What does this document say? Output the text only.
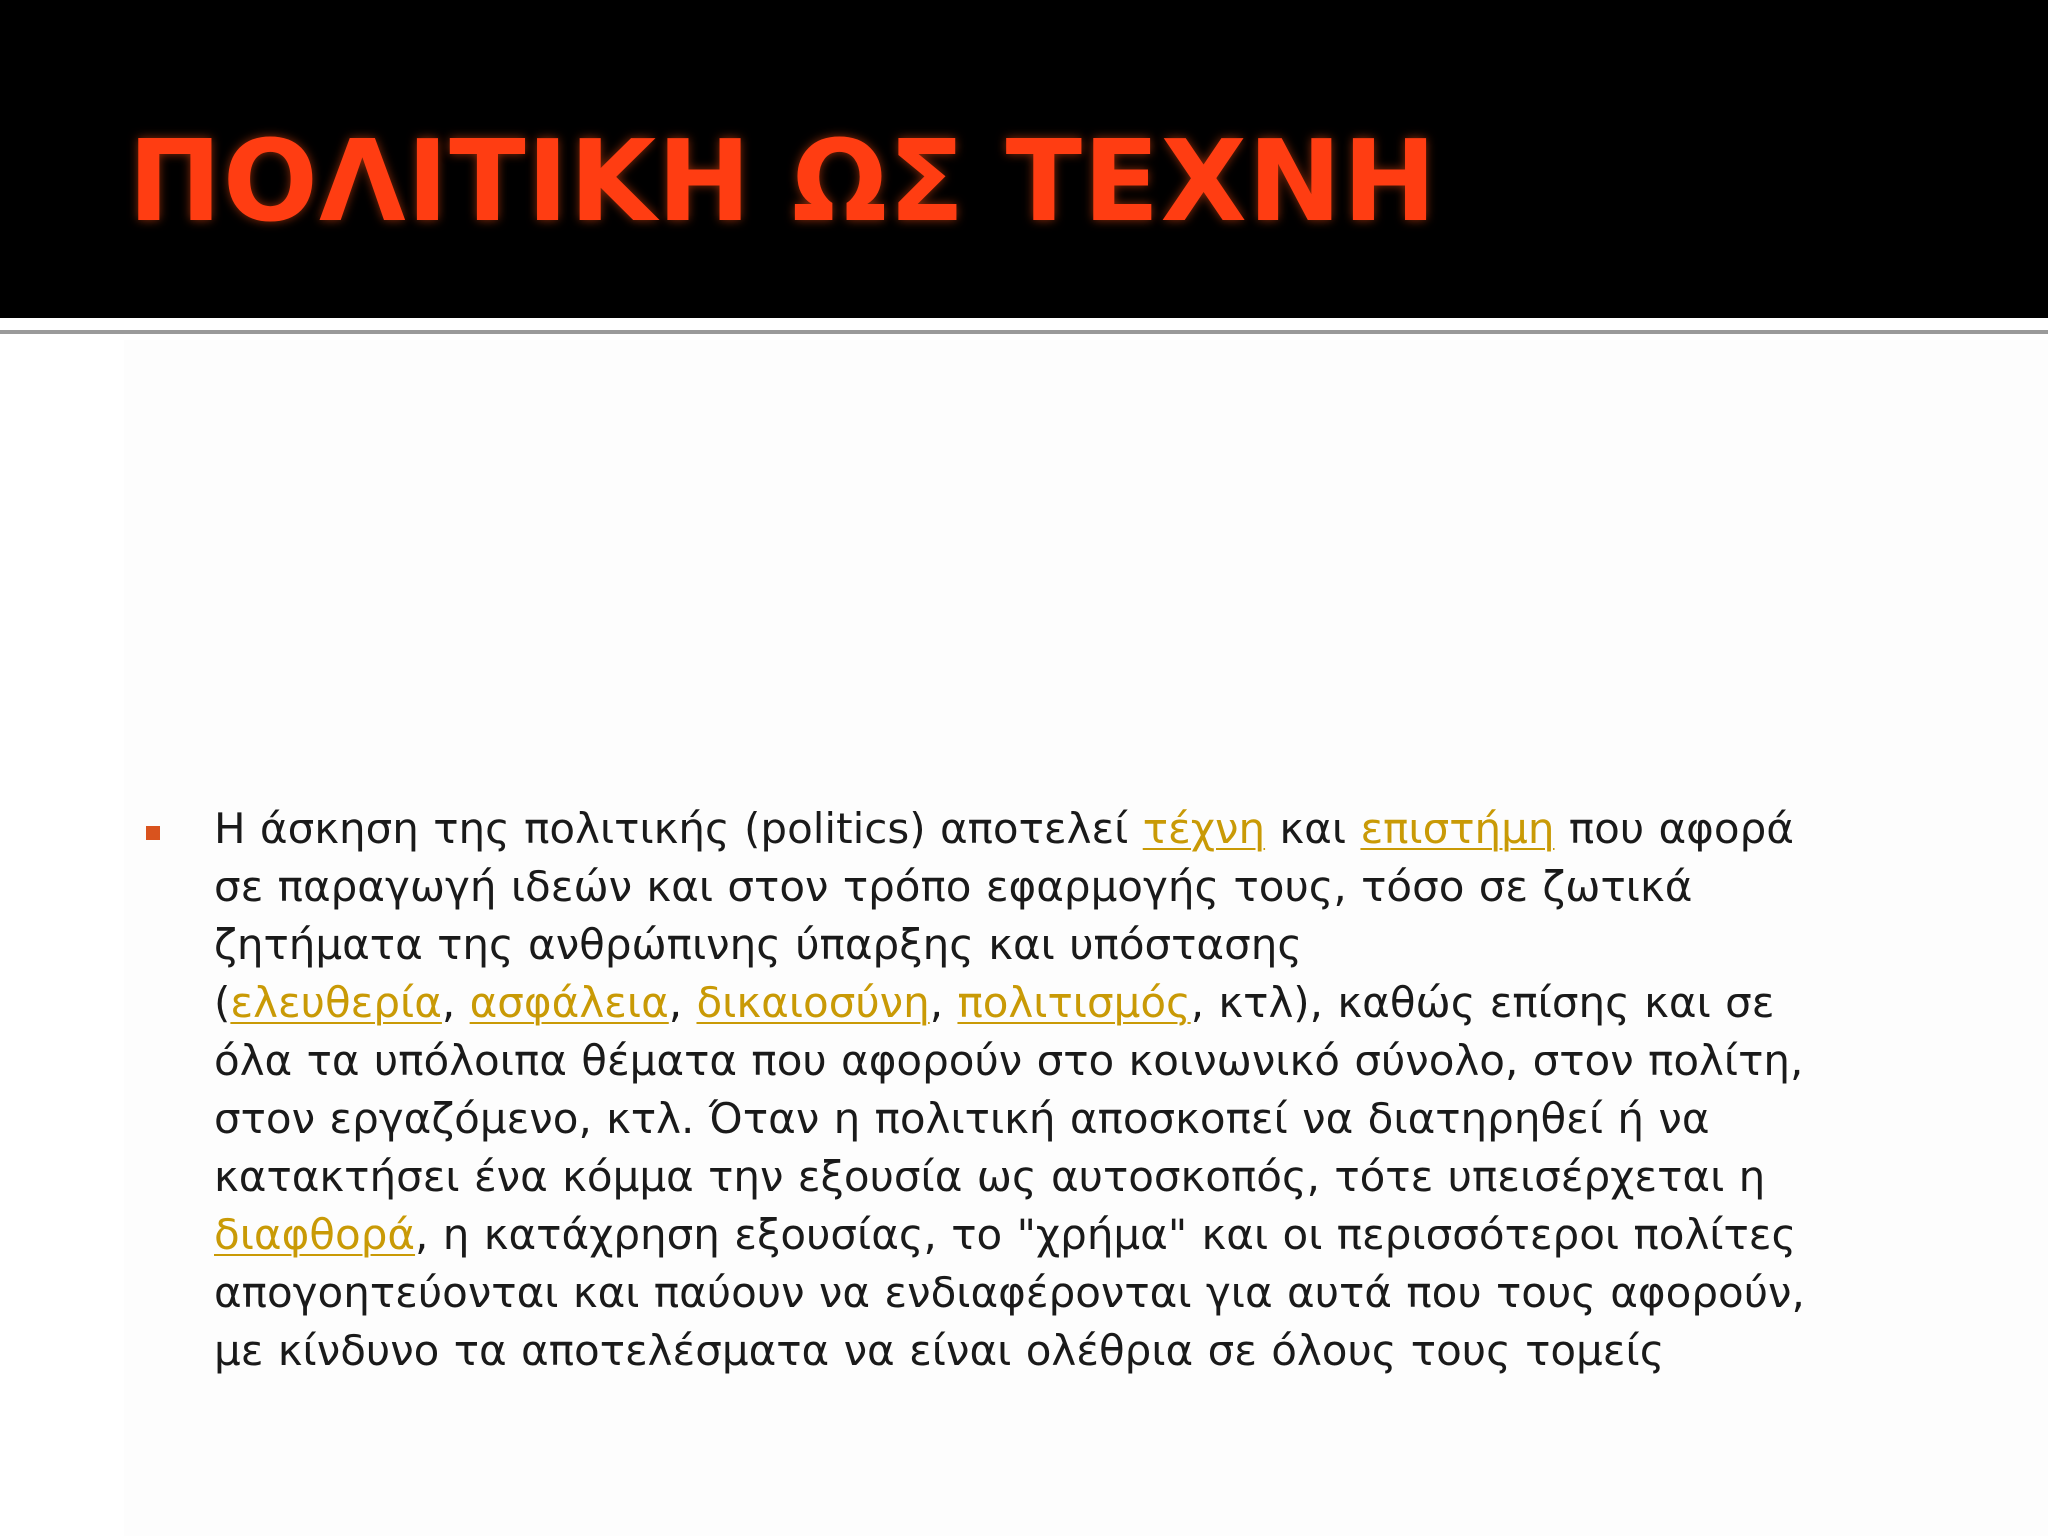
ΠΟΛΙΤΙΚΗ ΩΣ ΤΕΧΝΗ

Η άσκηση της πολιτικής (politics) αποτελεί τέχνη και επιστήμη που αφορά
σε παραγωγή ιδεών και στον τρόπο εφαρμογής τους, τόσο σε ζωτικά
ζητήματα της ανθρώπινης ύπαρξης και υπόστασης
(ελευθερία, ασφάλεια, δικαιοσύνη, πολιτισμός, κτλ), καθώς επίσης και σε
όλα τα υπόλοιπα θέματα που αφορούν στο κοινωνικό σύνολο, στον πολίτη,
στον εργαζόμενο, κτλ. Όταν η πολιτική αποσκοπεί να διατηρηθεί ή να
κατακτήσει ένα κόμμα την εξουσία ως αυτοσκοπός, τότε υπεισέρχεται η
διαφθορά, η κατάχρηση εξουσίας, το "χρήμα" και οι περισσότεροι πολίτες
απογοητεύονται και παύουν να ενδιαφέρονται για αυτά που τους αφορούν,
με κίνδυνο τα αποτελέσματα να είναι ολέθρια σε όλους τους τομείς
